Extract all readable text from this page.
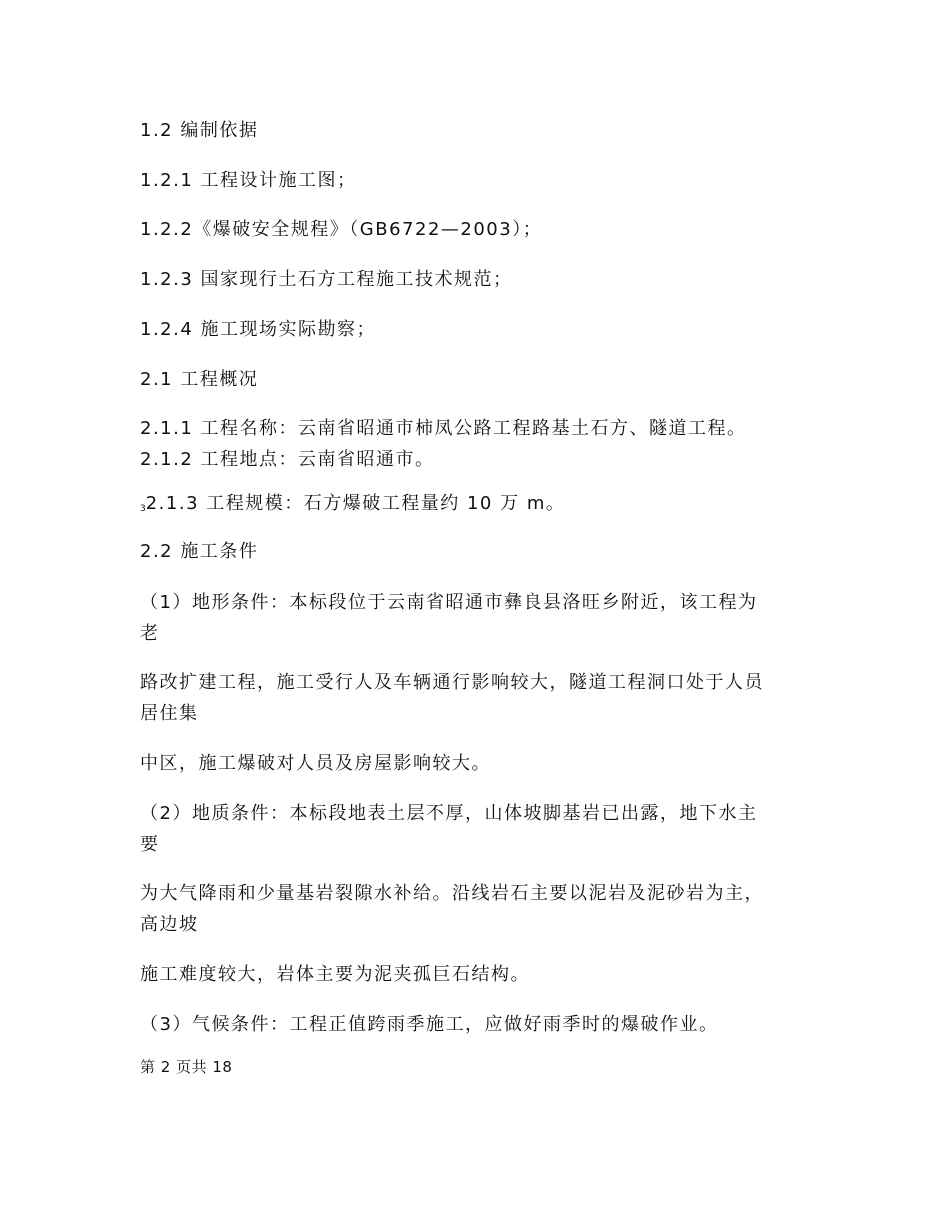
1.2 编制依据
1.2.1 工程设计施工图；
1.2.2《爆破安全规程》（GB6722—2003）；
1.2.3 国家现行土石方工程施工技术规范；
1.2.4 施工现场实际勘察；
2.1 工程概况
2.1.1 工程名称：云南省昭通市柿凤公路工程路基土石方、隧道工程。
2.1.2 工程地点：云南省昭通市。
32.1.3 工程规模：石方爆破工程量约 10 万 m。
2.2 施工条件
（1）地形条件：本标段位于云南省昭通市彝良县洛旺乡附近，该工程为
老
路改扩建工程，施工受行人及车辆通行影响较大，隧道工程洞口处于人员
居住集
中区，施工爆破对人员及房屋影响较大。
（2）地质条件：本标段地表土层不厚，山体坡脚基岩已出露，地下水主
要
为大气降雨和少量基岩裂隙水补给。沿线岩石主要以泥岩及泥砂岩为主，
高边坡
施工难度较大，岩体主要为泥夹孤巨石结构。
（3）气候条件：工程正值跨雨季施工，应做好雨季时的爆破作业。
第 2 页共 18
